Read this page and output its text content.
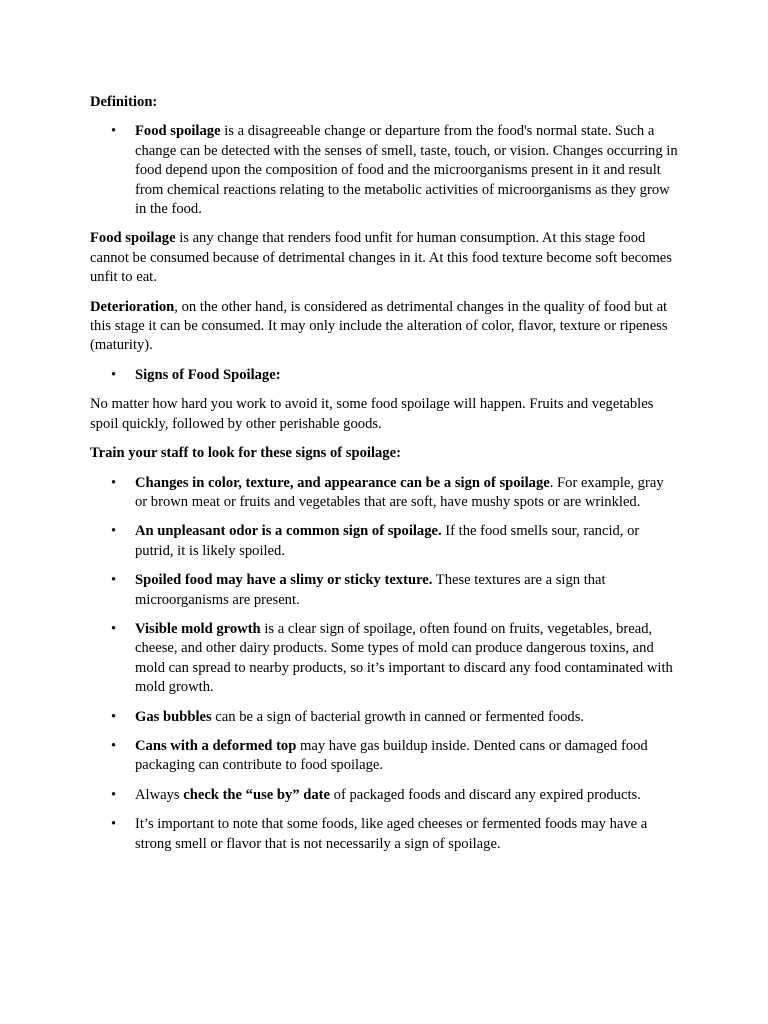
Definition:

• Food spoilage is a disagreeable change or departure from the food's normal state. Such a change can be detected with the senses of smell, taste, touch, or vision. Changes occurring in food depend upon the composition of food and the microorganisms present in it and result from chemical reactions relating to the metabolic activities of microorganisms as they grow in the food.

Food spoilage is any change that renders food unfit for human consumption. At this stage food cannot be consumed because of detrimental changes in it. At this food texture become soft becomes unfit to eat.

Deterioration, on the other hand, is considered as detrimental changes in the quality of food but at this stage it can be consumed. It may only include the alteration of color, flavor, texture or ripeness (maturity).

• Signs of Food Spoilage:

No matter how hard you work to avoid it, some food spoilage will happen. Fruits and vegetables spoil quickly, followed by other perishable goods.

Train your staff to look for these signs of spoilage:

• Changes in color, texture, and appearance can be a sign of spoilage. For example, gray or brown meat or fruits and vegetables that are soft, have mushy spots or are wrinkled.
• An unpleasant odor is a common sign of spoilage. If the food smells sour, rancid, or putrid, it is likely spoiled.
• Spoiled food may have a slimy or sticky texture. These textures are a sign that microorganisms are present.
• Visible mold growth is a clear sign of spoilage, often found on fruits, vegetables, bread, cheese, and other dairy products. Some types of mold can produce dangerous toxins, and mold can spread to nearby products, so it’s important to discard any food contaminated with mold growth.
• Gas bubbles can be a sign of bacterial growth in canned or fermented foods.
• Cans with a deformed top may have gas buildup inside. Dented cans or damaged food packaging can contribute to food spoilage.
• Always check the “use by” date of packaged foods and discard any expired products.
• It’s important to note that some foods, like aged cheeses or fermented foods may have a strong smell or flavor that is not necessarily a sign of spoilage.
